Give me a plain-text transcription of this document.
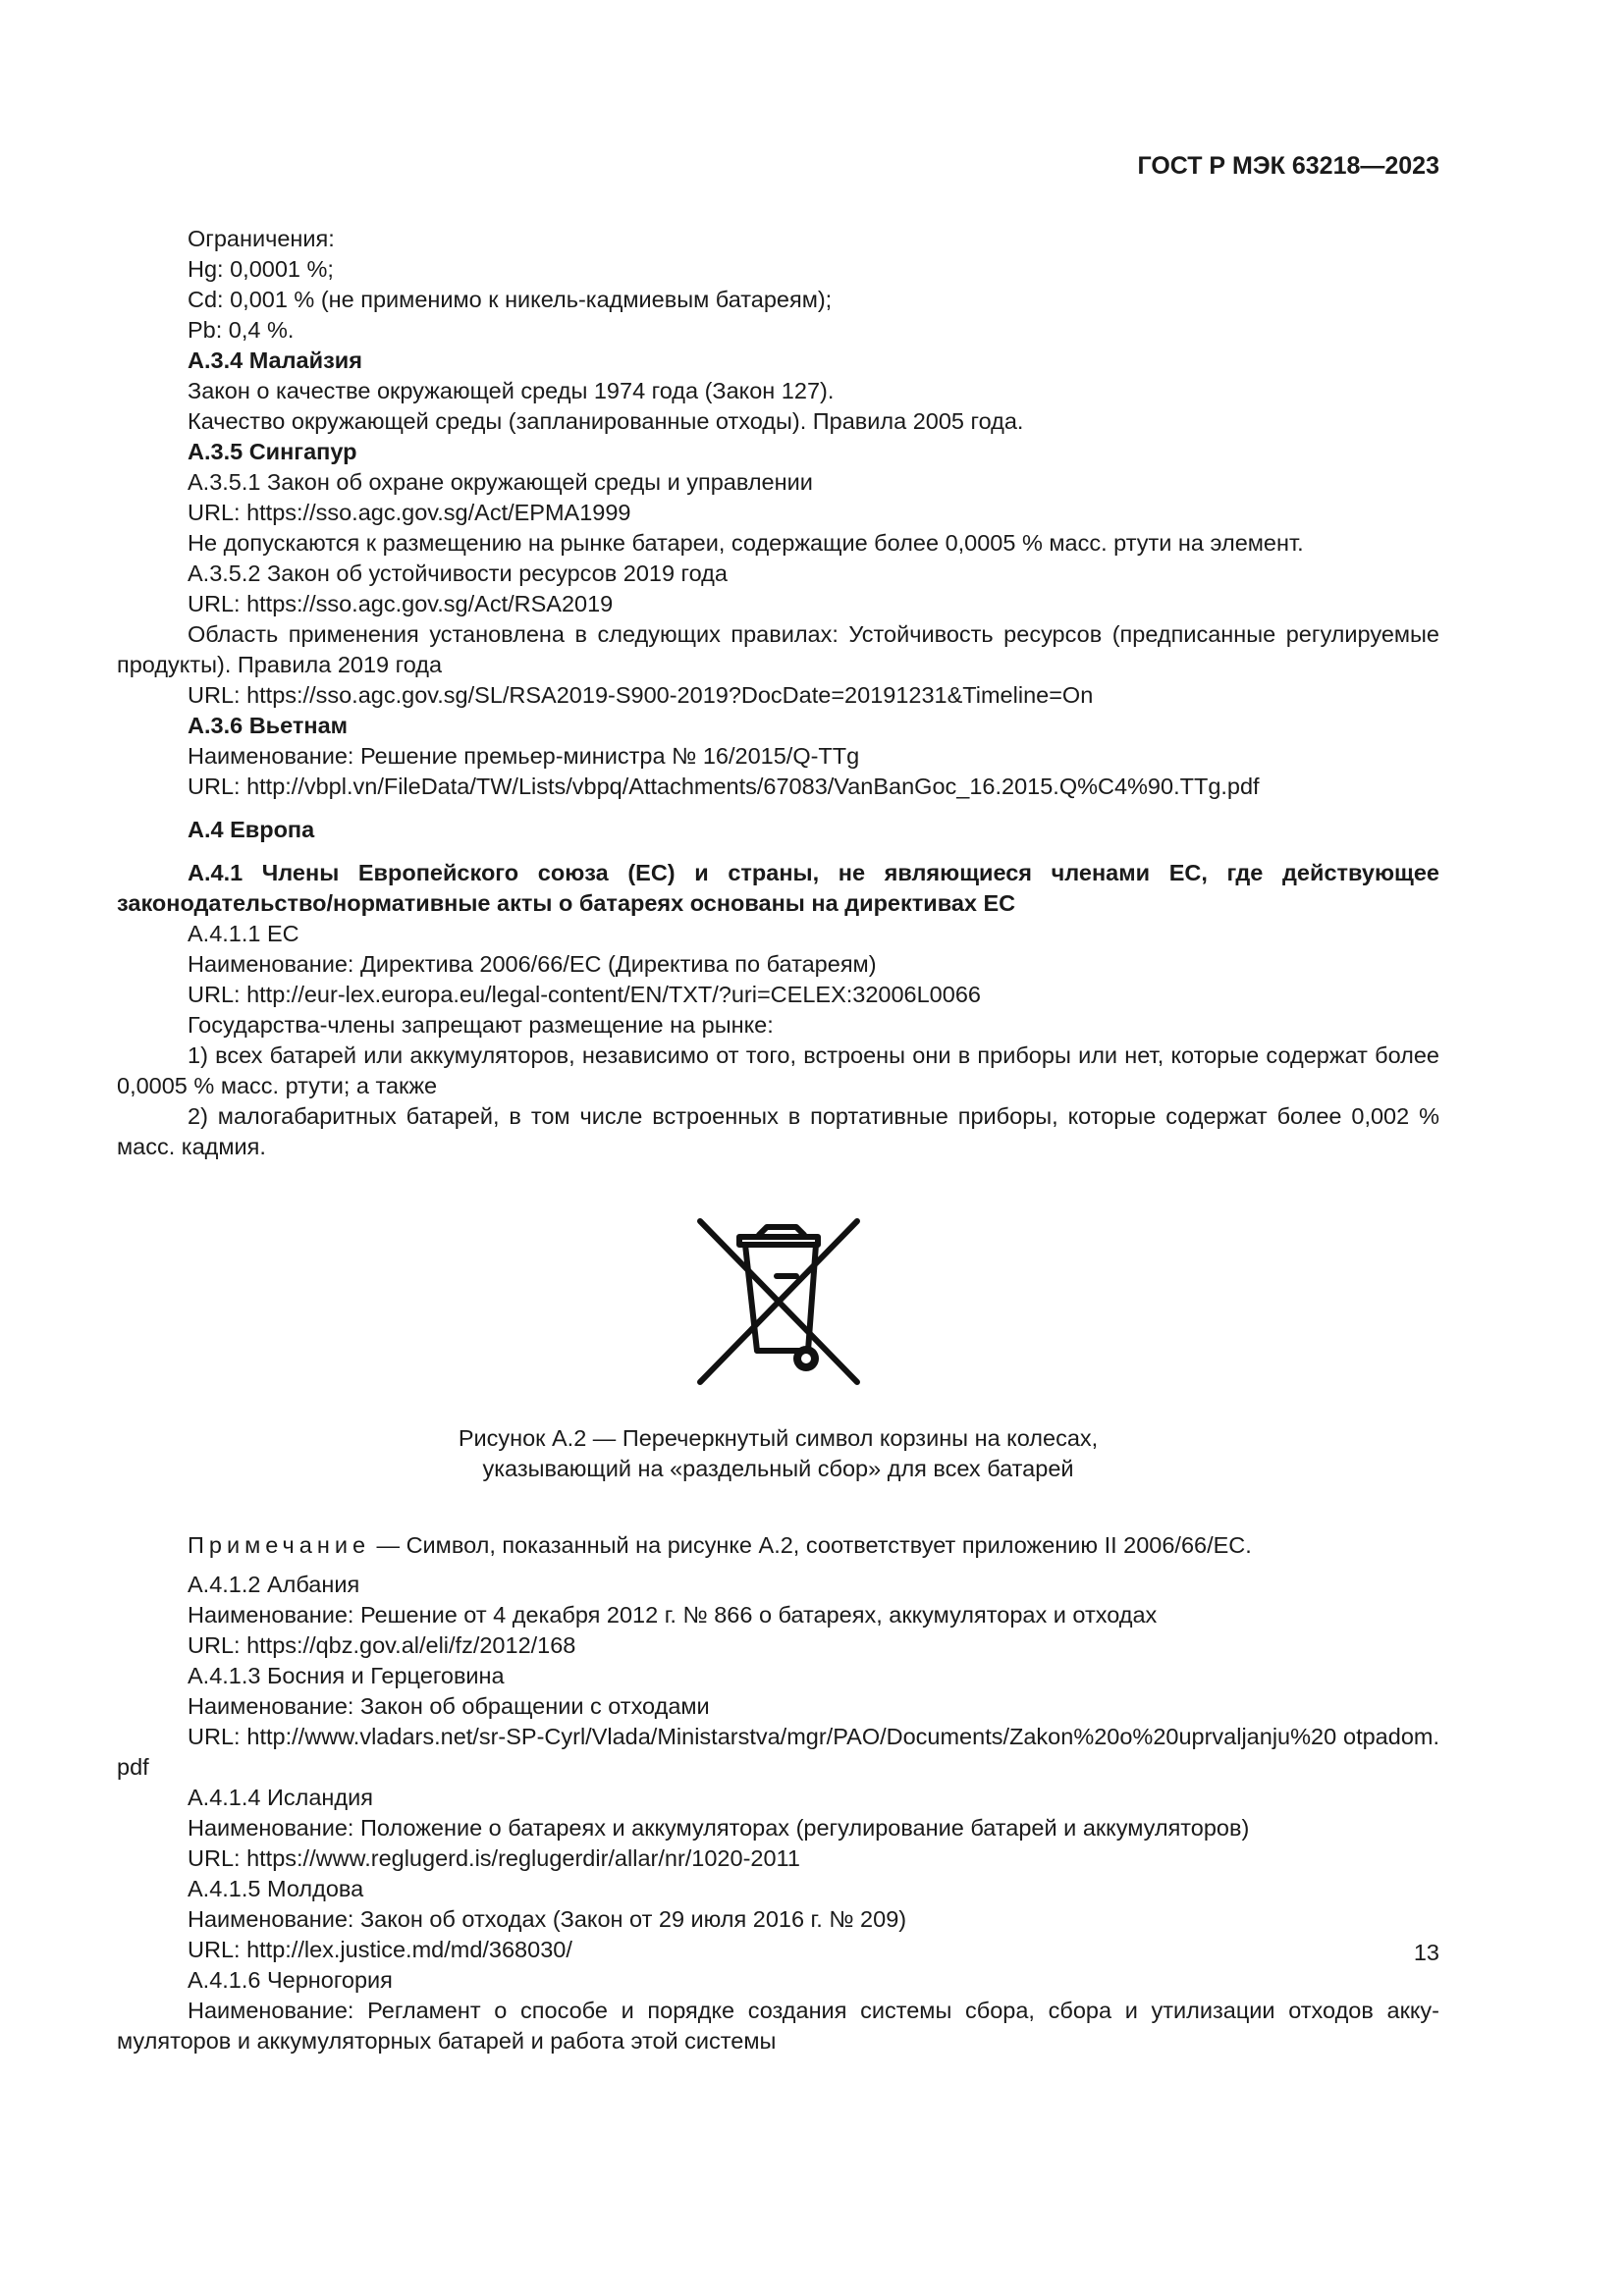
ГОСТ Р МЭК 63218—2023

Ограничения:

Hg: 0,0001 %;

Cd: 0,001 % (не применимо к никель-кадмиевым батареям);

Pb: 0,4 %.

А.3.4 Малайзия

Закон о качестве окружающей среды 1974 года (Закон 127).

Качество окружающей среды (запланированные отходы). Правила 2005 года.

А.3.5 Сингапур

А.3.5.1 Закон об охране окружающей среды и управлении

URL: https://sso.agc.gov.sg/Act/EPMA1999

Не допускаются к размещению на рынке батареи, содержащие более 0,0005 % масс. ртути на элемент.

А.3.5.2 Закон об устойчивости ресурсов 2019 года

URL: https://sso.agc.gov.sg/Act/RSA2019

Область применения установлена в следующих правилах: Устойчивость ресурсов (предписанные регулируемые продукты). Правила 2019 года

URL: https://sso.agc.gov.sg/SL/RSA2019-S900-2019?DocDate=20191231&Timeline=On

А.3.6 Вьетнам

Наименование: Решение премьер-министра № 16/2015/Q-TTg

URL: http://vbpl.vn/FileData/TW/Lists/vbpq/Attachments/67083/VanBanGoc_16.2015.Q%C4%90.TTg.pdf

А.4 Европа

А.4.1 Члены Европейского союза (ЕС) и страны, не являющиеся членами ЕС, где действующее законодательство/нормативные акты о батареях основаны на директивах ЕС

А.4.1.1 ЕС

Наименование: Директива 2006/66/ЕС (Директива по батареям)

URL: http://eur-lex.europa.eu/legal-content/EN/TXT/?uri=CELEX:32006L0066

Государства-члены запрещают размещение на рынке:

1) всех батарей или аккумуляторов, независимо от того, встроены они в приборы или нет, которые содержат более 0,0005 % масс. ртути; а также

2) малогабаритных батарей, в том числе встроенных в портативные приборы, которые содержат более 0,002 % масс. кадмия.

Рисунок А.2 — Перечеркнутый символ корзины на колесах,
указывающий на «раздельный сбор» для всех батарей

Примечание — Символ, показанный на рисунке А.2, соответствует приложению II 2006/66/ЕС.

А.4.1.2 Албания

Наименование: Решение от 4 декабря 2012 г. № 866 о батареях, аккумуляторах и отходах

URL: https://qbz.gov.al/eli/fz/2012/168

А.4.1.3 Босния и Герцеговина

Наименование: Закон об обращении с отходами

URL: http://www.vladars.net/sr-SP-Cyrl/Vlada/Ministarstva/mgr/PAO/Documents/Zakon%20o%20uprvaljanju%20 otpadom.pdf

А.4.1.4 Исландия

Наименование: Положение о батареях и аккумуляторах (регулирование батарей и аккумуляторов)

URL: https://www.reglugerd.is/reglugerdir/allar/nr/1020-2011

А.4.1.5 Молдова

Наименование: Закон об отходах (Закон от 29 июля 2016 г. № 209)

URL: http://lex.justice.md/md/368030/

А.4.1.6 Черногория

Наименование: Регламент о способе и порядке создания системы сбора, сбора и утилизации отходов аккумуляторов и аккумуляторных батарей и работа этой системы

13
